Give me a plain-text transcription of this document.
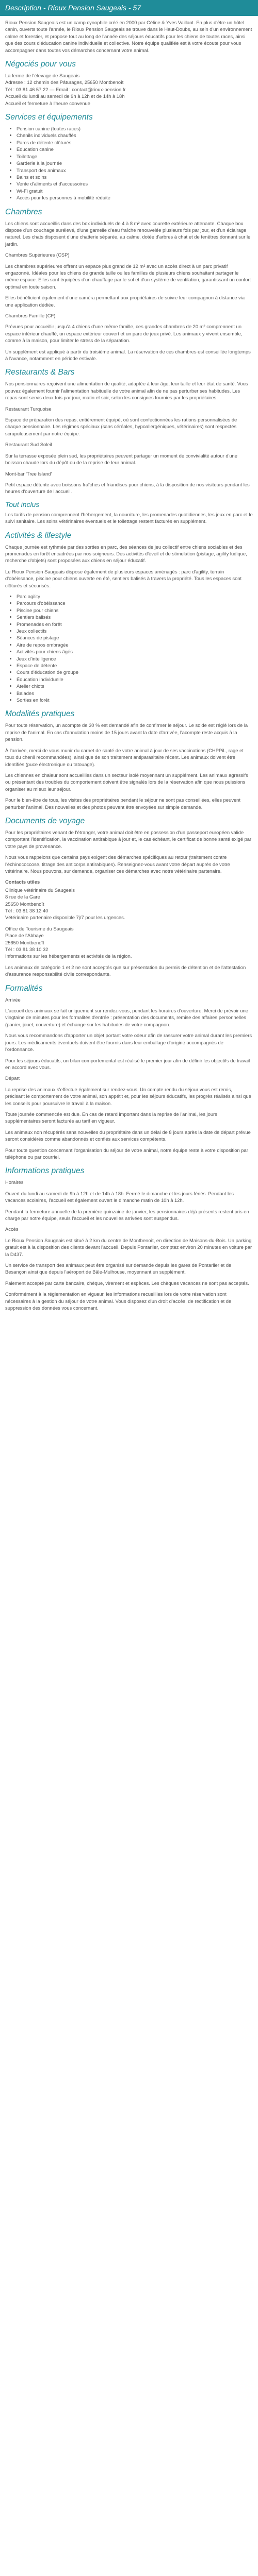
Description - Rioux Pension Saugeais - 57

Rioux Pension Saugeais est un camp cynophile créé en 2000 par Céline & Yves Vaillant. En plus d'être un hôtel canin, ouverts toute l'année, le Rioux Pension Saugeais se trouve dans le Haut-Doubs, au sein d'un environnement calme et forestier, et propose tout au long de l'année des séjours éducatifs pour les chiens de toutes races, ainsi que des cours d'éducation canine individuelle et collective. Notre équipe qualifiée est à votre écoute pour vous accompagner dans toutes vos démarches concernant votre animal.

Négociés pour vous
La ferme de l'élevage de Saugeais
Adresse : 12 chemin des Pâturages, 25650 Montbenoît
Tél : 03 81 46 57 22 — Email : contact@rioux-pension.fr
Accueil du lundi au samedi de 9h à 12h et de 14h à 18h
Accueil et fermeture à l'heure convenue
Services et équipements
• Pension canine (toutes races)
• Chenils individuels chauffés
• Parcs de détente clôturés
• Éducation canine
• Toilettage
• Garderie à la journée
• Transport des animaux
• Bains et soins
• Vente d'aliments et d'accessoires
• Wi-Fi gratuit
• Accès pour les personnes à mobilité réduite
Chambres

Les chiens sont accueillis dans des box individuels de 4 à 8 m² avec courette extérieure attenante. Chaque box dispose d'un couchage surélevé, d'une gamelle d'eau fraîche renouvelée plusieurs fois par jour, et d'un éclairage naturel. Les chats disposent d'une chatterie séparée, au calme, dotée d'arbres à chat et de fenêtres donnant sur le jardin.

Chambres Supérieures (CSP)

Les chambres supérieures offrent un espace plus grand de 12 m² avec un accès direct à un parc privatif engazonné. Idéales pour les chiens de grande taille ou les familles de plusieurs chiens souhaitant partager le même espace. Elles sont équipées d'un chauffage par le sol et d'un système de ventilation, garantissant un confort optimal en toute saison.

Elles bénéficient également d'une caméra permettant aux propriétaires de suivre leur compagnon à distance via une application dédiée.

Chambres Famille (CF)

Prévues pour accueillir jusqu'à 4 chiens d'une même famille, ces grandes chambres de 20 m² comprennent un espace intérieur chauffé, un espace extérieur couvert et un parc de jeux privé. Les animaux y vivent ensemble, comme à la maison, pour limiter le stress de la séparation.

Un supplément est appliqué à partir du troisième animal. La réservation de ces chambres est conseillée longtemps à l'avance, notamment en période estivale.

Restaurants & Bars

Nos pensionnaires reçoivent une alimentation de qualité, adaptée à leur âge, leur taille et leur état de santé. Vous pouvez également fournir l'alimentation habituelle de votre animal afin de ne pas perturber ses habitudes. Les repas sont servis deux fois par jour, matin et soir, selon les consignes fournies par les propriétaires.

Restaurant Turquoise

Espace de préparation des repas, entièrement équipé, où sont confectionnées les rations personnalisées de chaque pensionnaire. Les régimes spéciaux (sans céréales, hypoallergéniques, vétérinaires) sont respectés scrupuleusement par notre équipe.

Restaurant Sud Soleil

Sur la terrasse exposée plein sud, les propriétaires peuvent partager un moment de convivialité autour d'une boisson chaude lors du dépôt ou de la reprise de leur animal.

Mont-bar 'Tree Island'

Petit espace détente avec boissons fraîches et friandises pour chiens, à la disposition de nos visiteurs pendant les heures d'ouverture de l'accueil.

Tout inclus

Les tarifs de pension comprennent l'hébergement, la nourriture, les promenades quotidiennes, les jeux en parc et le suivi sanitaire. Les soins vétérinaires éventuels et le toilettage restent facturés en supplément.

Activités & lifestyle

Chaque journée est rythmée par des sorties en parc, des séances de jeu collectif entre chiens sociables et des promenades en forêt encadrées par nos soigneurs. Des activités d'éveil et de stimulation (pistage, agility ludique, recherche d'objets) sont proposées aux chiens en séjour éducatif.

Le Rioux Pension Saugeais dispose également de plusieurs espaces aménagés : parc d'agility, terrain d'obéissance, piscine pour chiens ouverte en été, sentiers balisés à travers la propriété. Tous les espaces sont clôturés et sécurisés.

• Parc agility
• Parcours d'obéissance
• Piscine pour chiens
• Sentiers balisés
• Promenades en forêt
• Jeux collectifs
• Séances de pistage
• Aire de repos ombragée
• Activités pour chiens âgés
• Jeux d'intelligence
• Espace de détente
• Cours d'éducation de groupe
• Éducation individuelle
• Atelier chiots
• Balades
• Sorties en forêt
Modalités pratiques

Pour toute réservation, un acompte de 30 % est demandé afin de confirmer le séjour. Le solde est réglé lors de la reprise de l'animal. En cas d'annulation moins de 15 jours avant la date d'arrivée, l'acompte reste acquis à la pension.

À l'arrivée, merci de vous munir du carnet de santé de votre animal à jour de ses vaccinations (CHPPiL, rage et toux du chenil recommandées), ainsi que de son traitement antiparasitaire récent. Les animaux doivent être identifiés (puce électronique ou tatouage).

Les chiennes en chaleur sont accueillies dans un secteur isolé moyennant un supplément. Les animaux agressifs ou présentant des troubles du comportement doivent être signalés lors de la réservation afin que nous puissions organiser au mieux leur séjour.

Pour le bien-être de tous, les visites des propriétaires pendant le séjour ne sont pas conseillées, elles peuvent perturber l'animal. Des nouvelles et des photos peuvent être envoyées sur simple demande.

Documents de voyage

Pour les propriétaires venant de l'étranger, votre animal doit être en possession d'un passeport européen valide comportant l'identification, la vaccination antirabique à jour et, le cas échéant, le certificat de bonne santé exigé par votre pays de provenance.

Nous vous rappelons que certains pays exigent des démarches spécifiques au retour (traitement contre l'échinococcose, titrage des anticorps antirabiques). Renseignez-vous avant votre départ auprès de votre vétérinaire. Nous pouvons, sur demande, organiser ces démarches avec notre vétérinaire partenaire.

Contacts utiles
Clinique vétérinaire du Saugeais
8 rue de la Gare
25650 Montbenoît
Tél : 03 81 38 12 40

Vétérinaire partenaire disponible 7j/7 pour les urgences.

Office de Tourisme du Saugeais
Place de l'Abbaye
25650 Montbenoît
Tél : 03 81 38 10 32

Informations sur les hébergements et activités de la région.

Les animaux de catégorie 1 et 2 ne sont acceptés que sur présentation du permis de détention et de l'attestation d'assurance responsabilité civile correspondante.

Formalités

Arrivée

L'accueil des animaux se fait uniquement sur rendez-vous, pendant les horaires d'ouverture. Merci de prévoir une vingtaine de minutes pour les formalités d'entrée : présentation des documents, remise des affaires personnelles (panier, jouet, couverture) et échange sur les habitudes de votre compagnon.

Nous vous recommandons d'apporter un objet portant votre odeur afin de rassurer votre animal durant les premiers jours. Les médicaments éventuels doivent être fournis dans leur emballage d'origine accompagnés de l'ordonnance.

Pour les séjours éducatifs, un bilan comportemental est réalisé le premier jour afin de définir les objectifs de travail en accord avec vous.

Départ

La reprise des animaux s'effectue également sur rendez-vous. Un compte rendu du séjour vous est remis, précisant le comportement de votre animal, son appétit et, pour les séjours éducatifs, les progrès réalisés ainsi que les conseils pour poursuivre le travail à la maison.

Toute journée commencée est due. En cas de retard important dans la reprise de l'animal, les jours supplémentaires seront facturés au tarif en vigueur.

Les animaux non récupérés sans nouvelles du propriétaire dans un délai de 8 jours après la date de départ prévue seront considérés comme abandonnés et confiés aux services compétents.

Pour toute question concernant l'organisation du séjour de votre animal, notre équipe reste à votre disposition par téléphone ou par courriel.

Informations pratiques

Horaires

Ouvert du lundi au samedi de 9h à 12h et de 14h à 18h. Fermé le dimanche et les jours fériés. Pendant les vacances scolaires, l'accueil est également ouvert le dimanche matin de 10h à 12h.

Pendant la fermeture annuelle de la première quinzaine de janvier, les pensionnaires déjà présents restent pris en charge par notre équipe, seuls l'accueil et les nouvelles arrivées sont suspendus.

Accès

Le Rioux Pension Saugeais est situé à 2 km du centre de Montbenoît, en direction de Maisons-du-Bois. Un parking gratuit est à la disposition des clients devant l'accueil. Depuis Pontarlier, comptez environ 20 minutes en voiture par la D437.

Un service de transport des animaux peut être organisé sur demande depuis les gares de Pontarlier et de Besançon ainsi que depuis l'aéroport de Bâle-Mulhouse, moyennant un supplément.

Paiement accepté par carte bancaire, chèque, virement et espèces. Les chèques vacances ne sont pas acceptés.

Conformément à la réglementation en vigueur, les informations recueillies lors de votre réservation sont nécessaires à la gestion du séjour de votre animal. Vous disposez d'un droit d'accès, de rectification et de suppression des données vous concernant.
